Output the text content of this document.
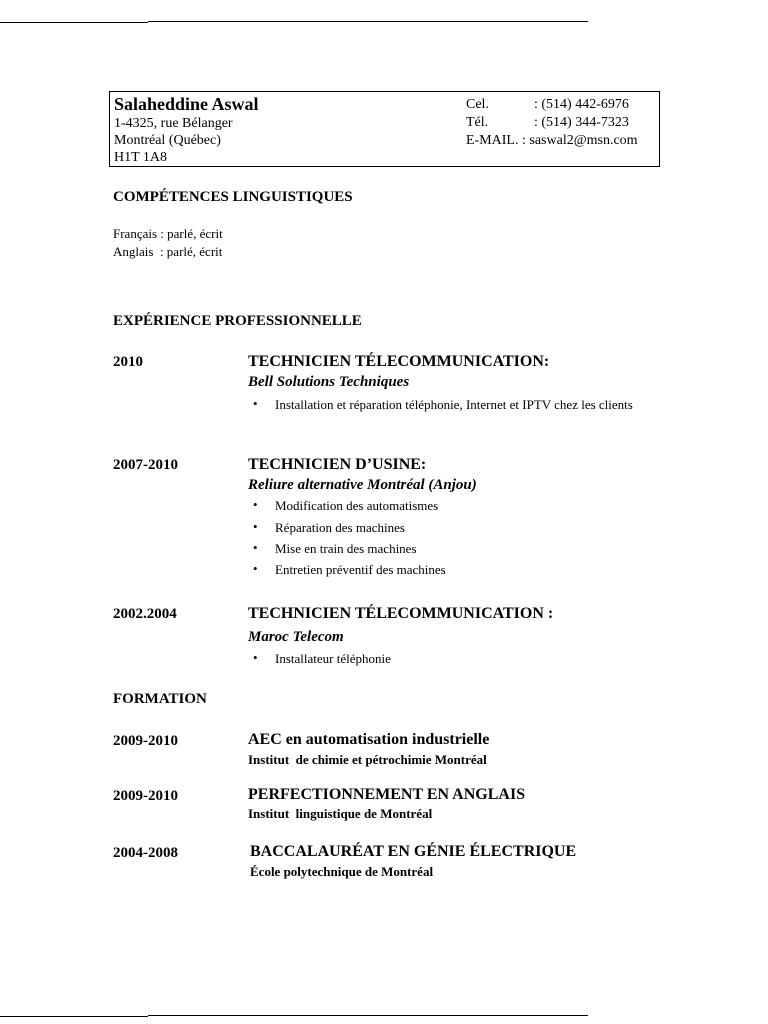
Salaheddine Aswal
1-4325, rue Bélanger
Montréal (Québec)
H1T 1A8
Cel.	: (514) 442-6976
Tél.	: (514) 344-7323
E-MAIL. : saswal2@msn.com
COMPÉTENCES LINGUISTIQUES
Français : parlé, écrit
Anglais  : parlé, écrit
EXPÉRIENCE PROFESSIONNELLE
2010	TECHNICIEN TÉLECOMMUNICATION:
Bell Solutions Techniques
• Installation et réparation téléphonie, Internet et IPTV chez les clients
2007-2010	TECHNICIEN D’USINE:
Reliure alternative Montréal (Anjou)
• Modification des automatismes
• Réparation des machines
• Mise en train des machines
• Entretien préventif des machines
2002.2004	TECHNICIEN TÉLECOMMUNICATION :
Maroc Telecom
• Installateur téléphonie
FORMATION
2009-2010	AEC en automatisation industrielle
Institut  de chimie et pétrochimie Montréal
2009-2010	PERFECTIONNEMENT EN ANGLAIS
Institut  linguistique de Montréal
2004-2008	BACCALAURÉAT EN GÉNIE ÉLECTRIQUE
École polytechnique de Montréal
